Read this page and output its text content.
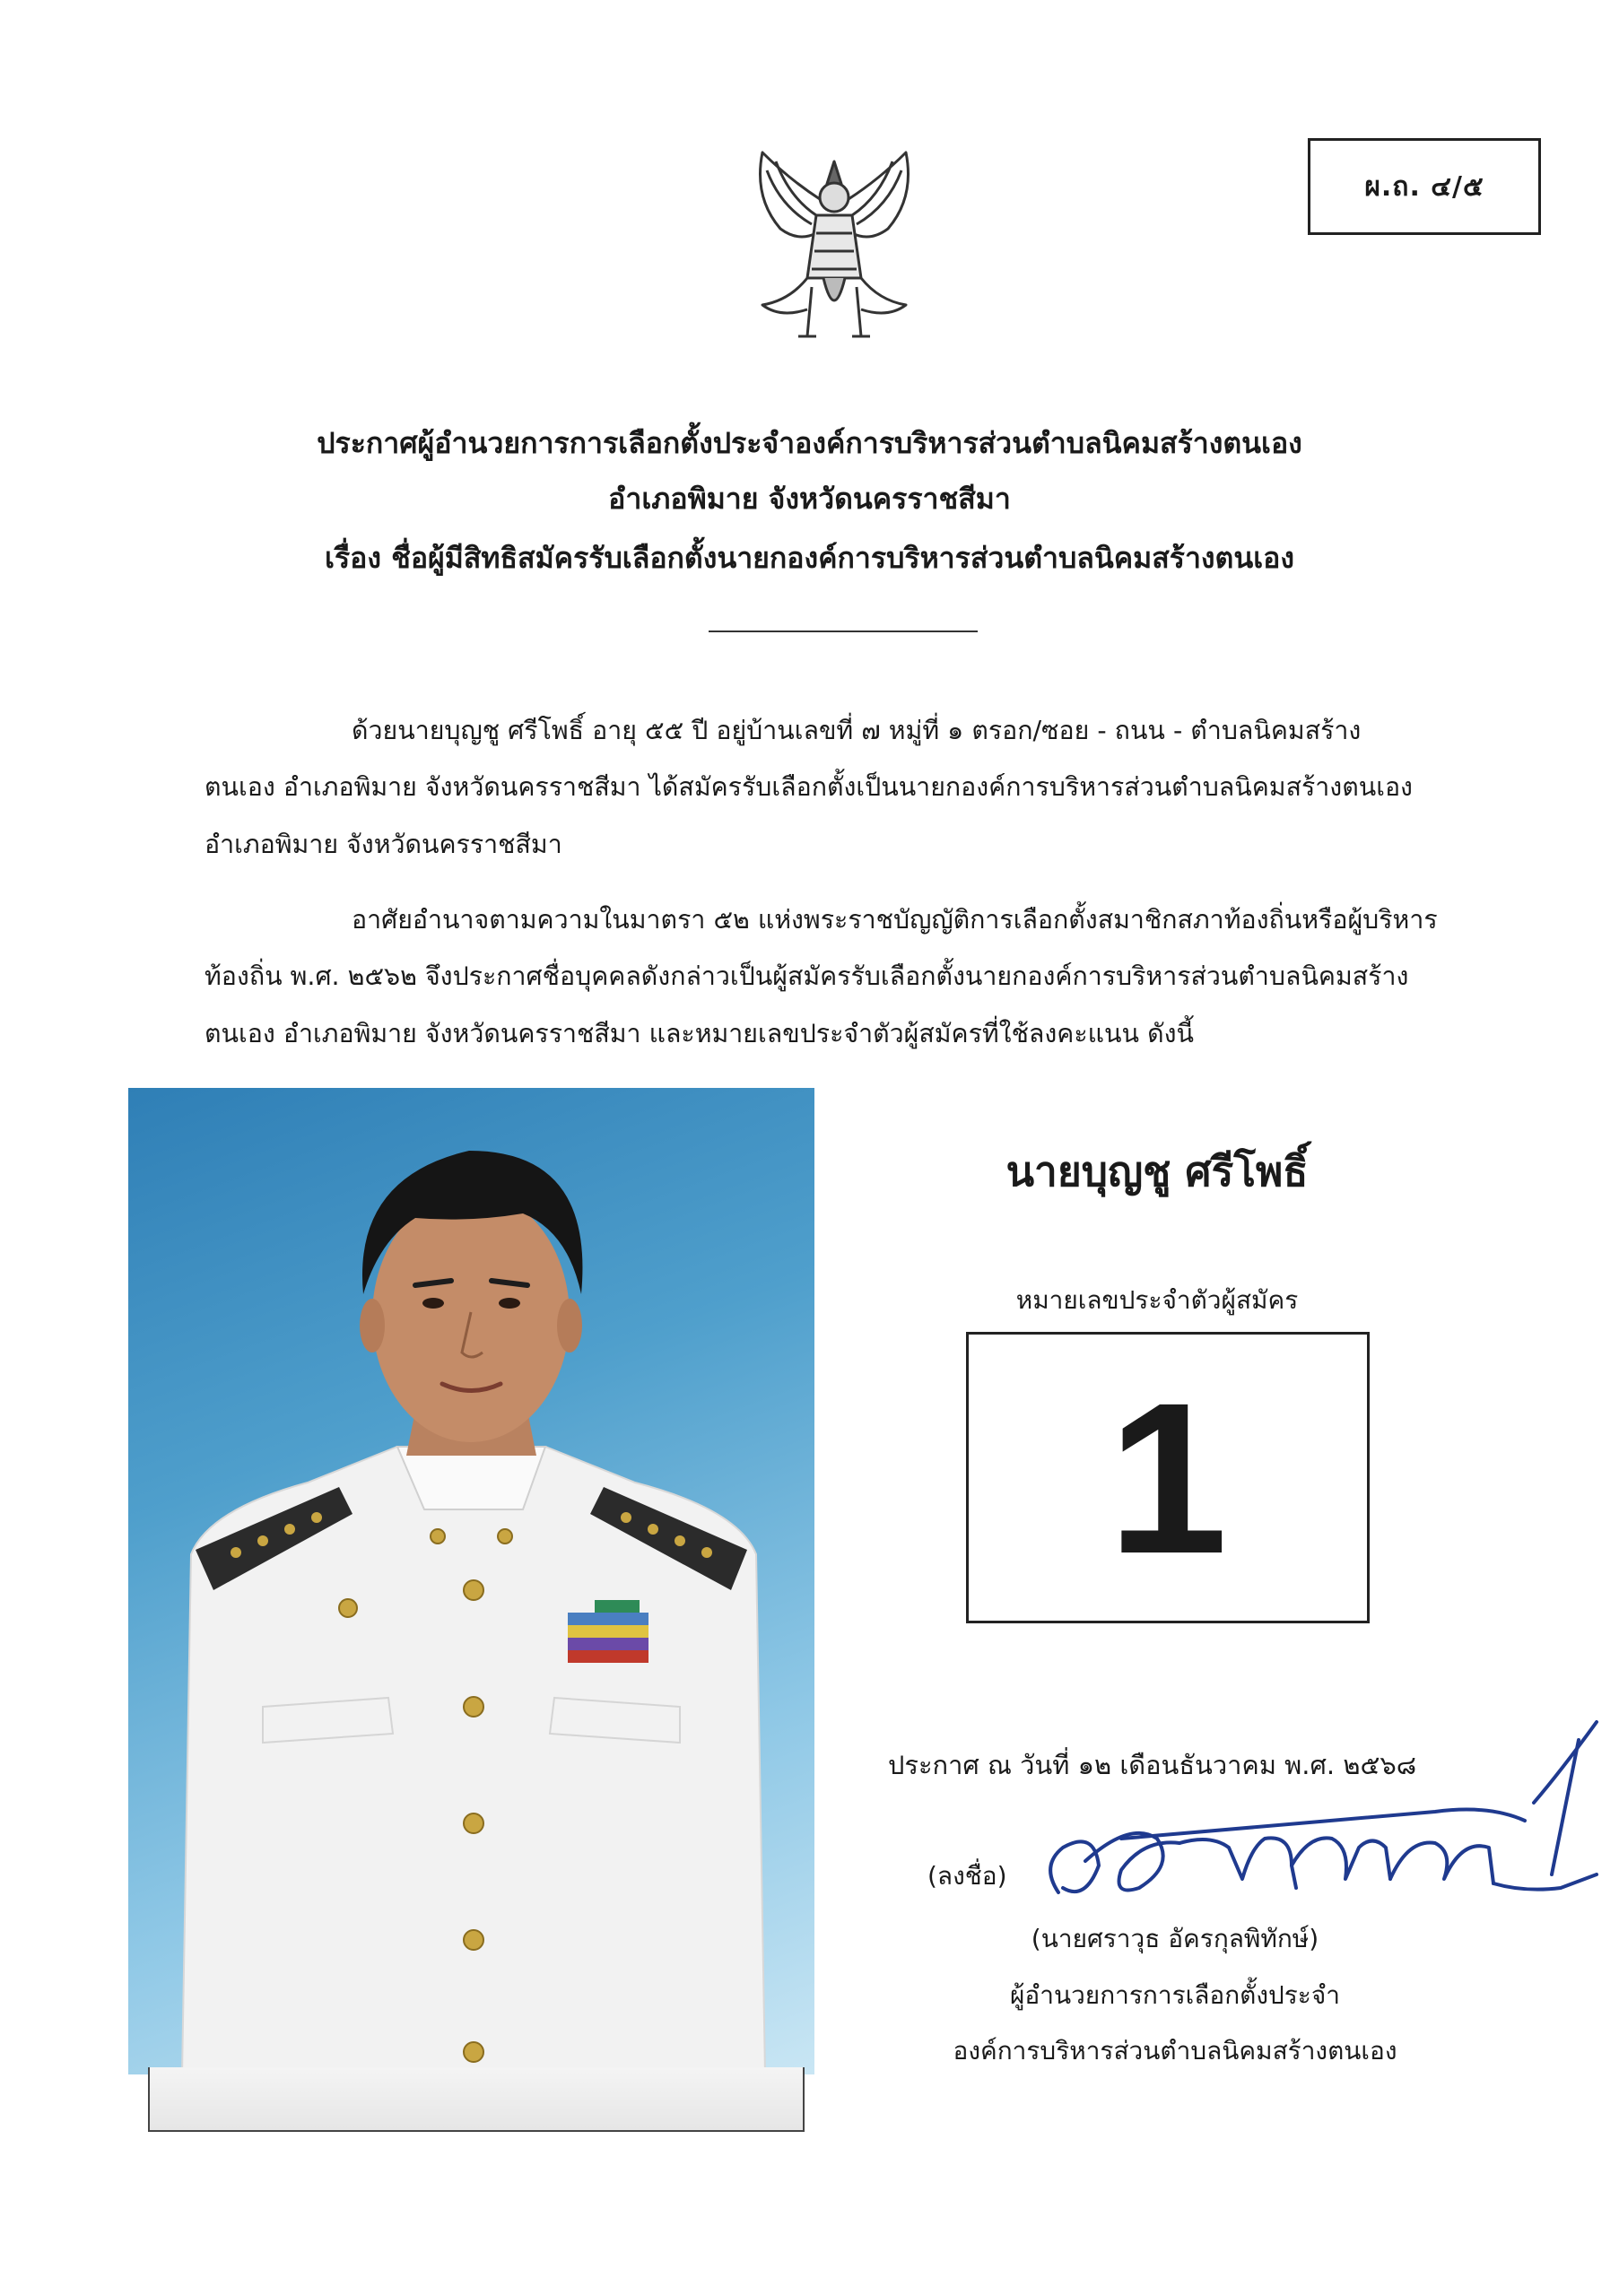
ผ.ถ. ๔/๕
ประกาศผู้อำนวยการการเลือกตั้งประจำองค์การบริหารส่วนตำบลนิคมสร้างตนเอง
อำเภอพิมาย จังหวัดนครราชสีมา
เรื่อง ชื่อผู้มีสิทธิสมัครรับเลือกตั้งนายกองค์การบริหารส่วนตำบลนิคมสร้างตนเอง
ด้วยนายบุญชู ศรีโพธิ์ อายุ ๕๕ ปี อยู่บ้านเลขที่ ๗ หมู่ที่ ๑ ตรอก/ซอย - ถนน - ตำบลนิคมสร้าง
ตนเอง อำเภอพิมาย จังหวัดนครราชสีมา ได้สมัครรับเลือกตั้งเป็นนายกองค์การบริหารส่วนตำบลนิคมสร้างตนเอง
อำเภอพิมาย จังหวัดนครราชสีมา
อาศัยอำนาจตามความในมาตรา ๕๒ แห่งพระราชบัญญัติการเลือกตั้งสมาชิกสภาท้องถิ่นหรือผู้บริหาร
ท้องถิ่น พ.ศ. ๒๕๖๒ จึงประกาศชื่อบุคคลดังกล่าวเป็นผู้สมัครรับเลือกตั้งนายกองค์การบริหารส่วนตำบลนิคมสร้าง
ตนเอง อำเภอพิมาย จังหวัดนครราชสีมา และหมายเลขประจำตัวผู้สมัครที่ใช้ลงคะแนน ดังนี้
นายบุญชู ศรีโพธิ์
หมายเลขประจำตัวผู้สมัคร
1
ประกาศ ณ วันที่ ๑๒ เดือนธันวาคม พ.ศ. ๒๕๖๘
(ลงชื่อ)
(นายศราวุธ อัครกุลพิทักษ์)
ผู้อำนวยการการเลือกตั้งประจำ
องค์การบริหารส่วนตำบลนิคมสร้างตนเอง
